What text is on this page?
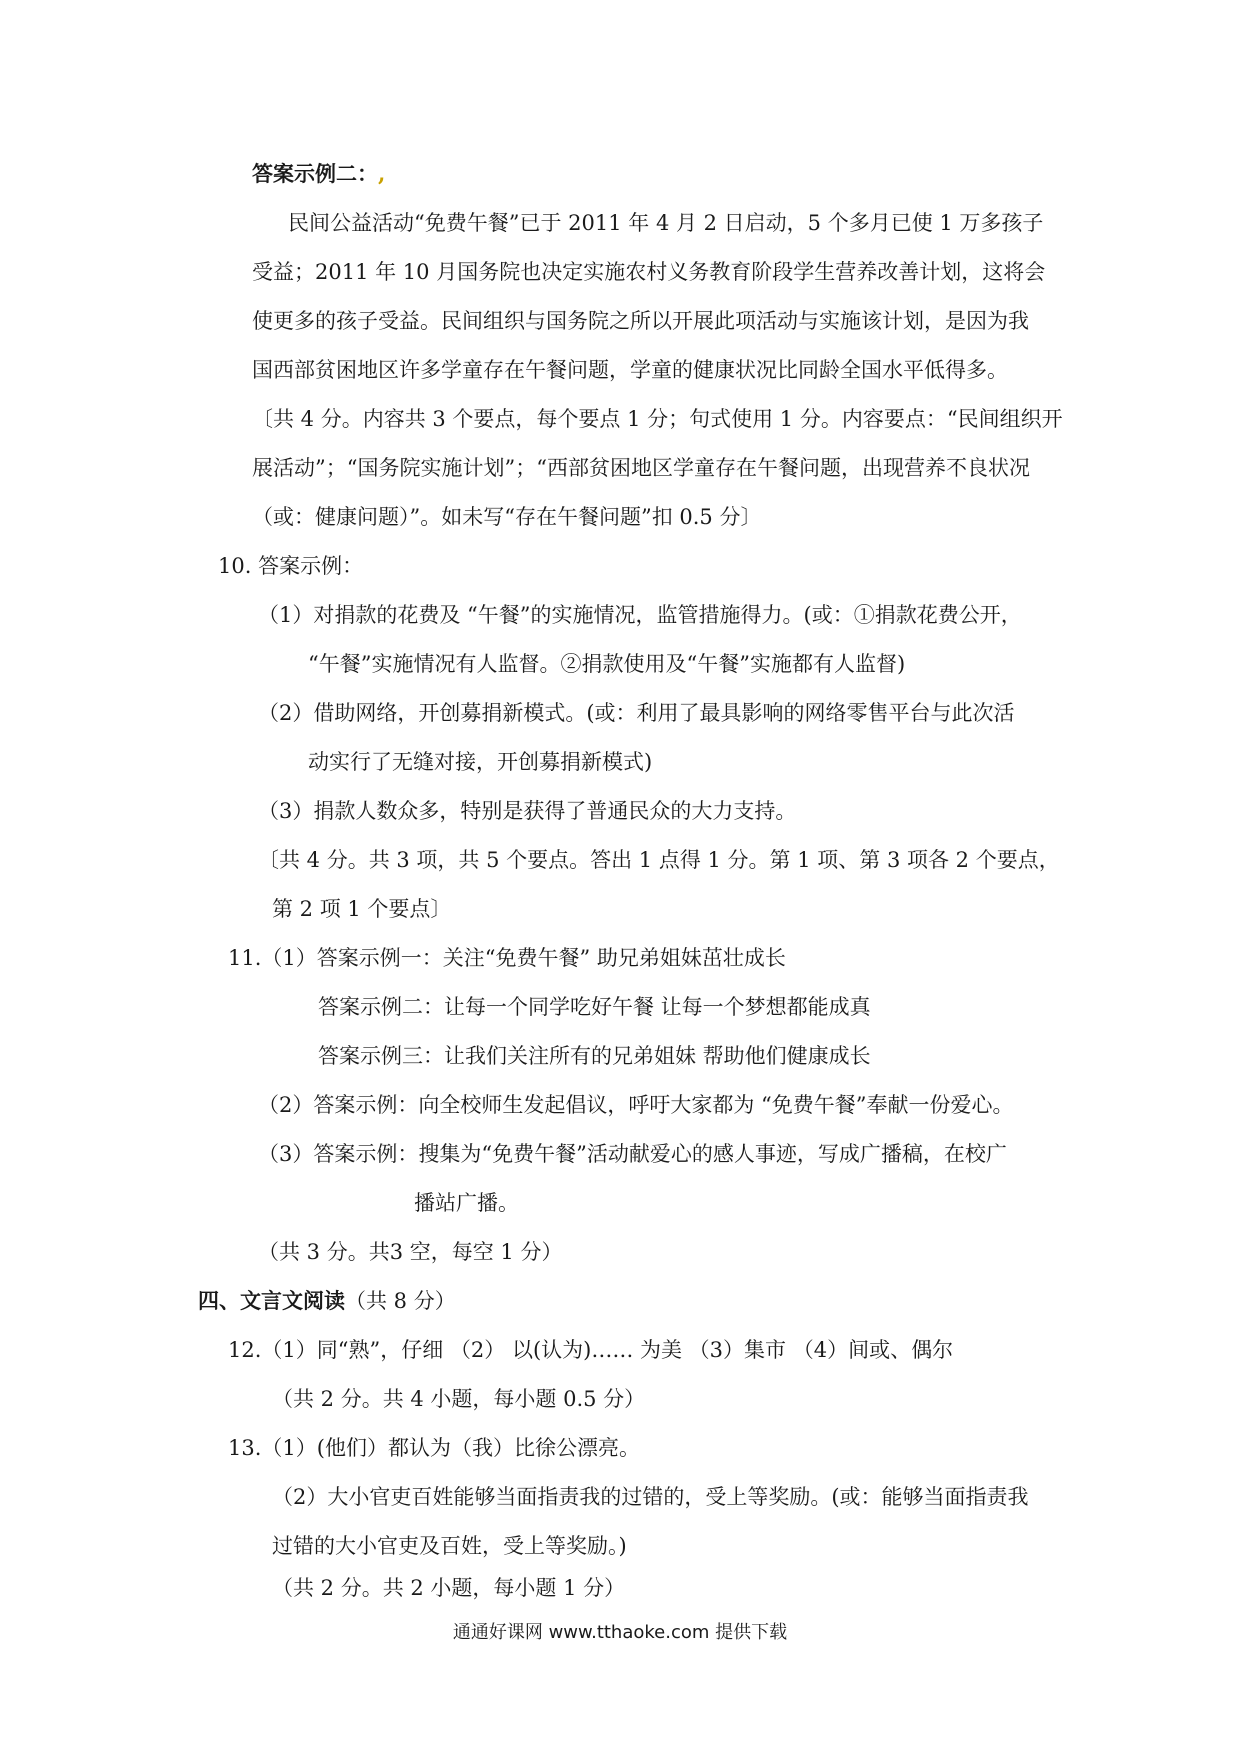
答案示例二：,
民间公益活动“免费午餐”已于 2011 年 4 月 2 日启动，5 个多月已使 1 万多孩子
受益；2011 年 10 月国务院也决定实施农村义务教育阶段学生营养改善计划，这将会
使更多的孩子受益。民间组织与国务院之所以开展此项活动与实施该计划，是因为我
国西部贫困地区许多学童存在午餐问题，学童的健康状况比同龄全国水平低得多。
〔共 4 分。内容共 3 个要点，每个要点 1 分；句式使用 1 分。内容要点：“民间组织开
展活动”；“国务院实施计划”；“西部贫困地区学童存在午餐问题，出现营养不良状况
（或：健康问题）”。如未写“存在午餐问题”扣 0.5 分〕
10. 答案示例：
（1）对捐款的花费及 “午餐”的实施情况，监管措施得力。(或：①捐款花费公开，
“午餐”实施情况有人监督。②捐款使用及“午餐”实施都有人监督)
（2）借助网络，开创募捐新模式。(或：利用了最具影响的网络零售平台与此次活
动实行了无缝对接，开创募捐新模式)
（3）捐款人数众多，特别是获得了普通民众的大力支持。
〔共 4 分。共 3 项，共 5 个要点。答出 1 点得 1 分。第 1 项、第 3 项各 2 个要点，
第 2 项 1 个要点〕
11.（1）答案示例一：关注“免费午餐” 助兄弟姐妹茁壮成长
答案示例二：让每一个同学吃好午餐 让每一个梦想都能成真
答案示例三：让我们关注所有的兄弟姐妹 帮助他们健康成长
（2）答案示例：向全校师生发起倡议，呼吁大家都为 “免费午餐”奉献一份爱心。
（3）答案示例：搜集为“免费午餐”活动献爱心的感人事迹，写成广播稿，在校广
播站广播。
（共 3 分。共3 空，每空 1 分）
四、文言文阅读（共 8 分）
12.（1）同“熟”，仔细 （2） 以(认为)…… 为美 （3）集市 （4）间或、偶尔
（共 2 分。共 4 小题，每小题 0.5 分）
13.（1）(他们）都认为（我）比徐公漂亮。
（2）大小官吏百姓能够当面指责我的过错的，受上等奖励。(或：能够当面指责我
过错的大小官吏及百姓，受上等奖励。)
（共 2 分。共 2 小题，每小题 1 分）
通通好课网 www.tthaoke.com 提供下载
